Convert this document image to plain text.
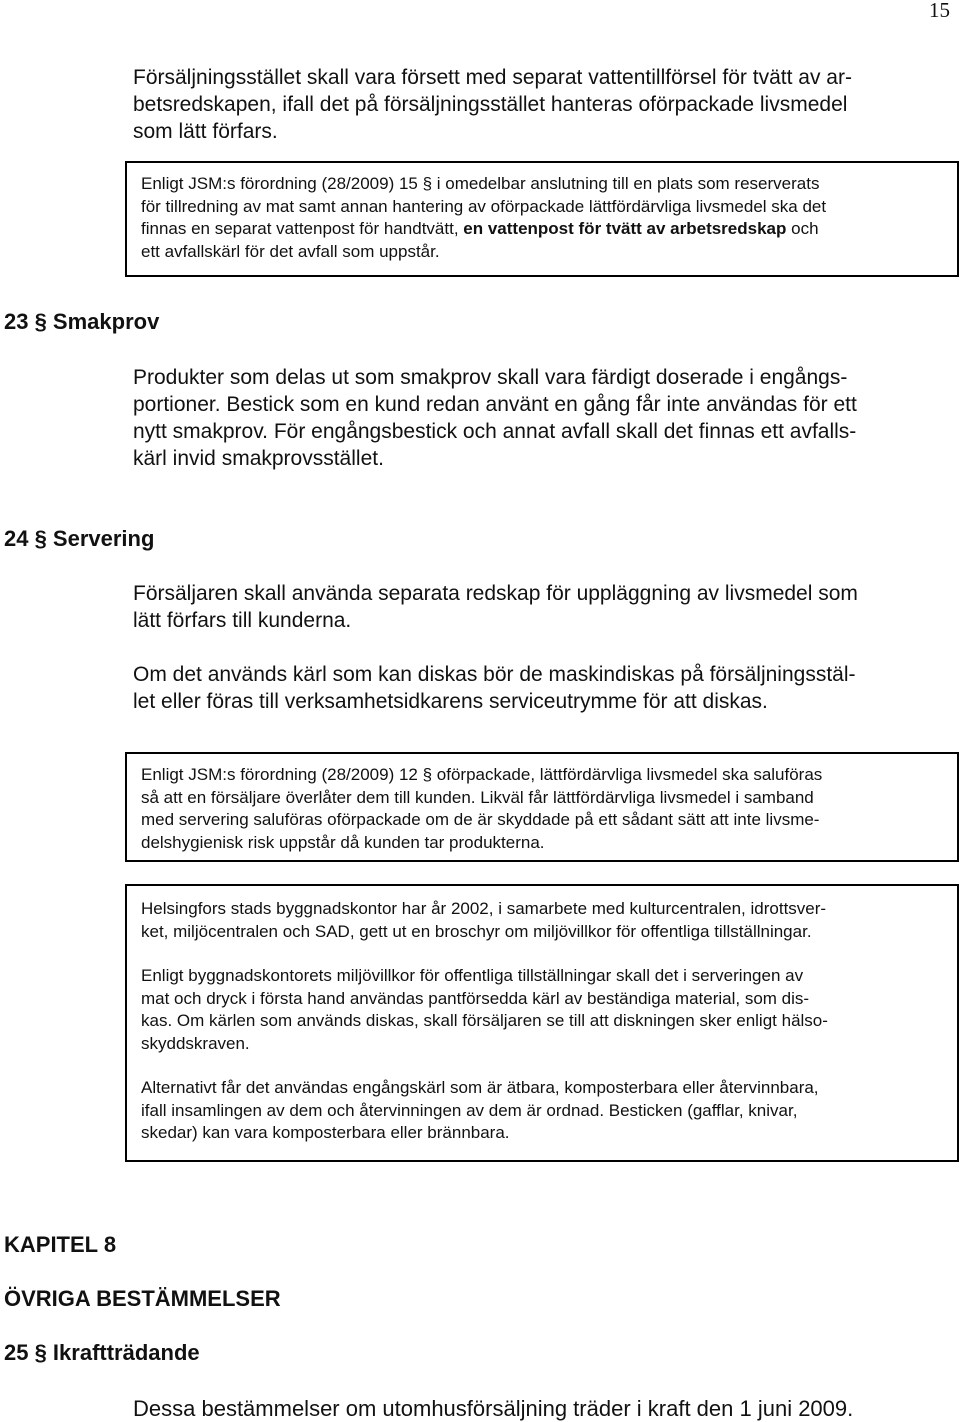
15
Försäljningsstället skall vara försett med separat vattentillförsel för tvätt av ar-
betsredskapen, ifall det på försäljningsstället hanteras oförpackade livsmedel
som lätt förfars.
Enligt JSM:s förordning (28/2009) 15 § i omedelbar anslutning till en plats som reserverats
för tillredning av mat samt annan hantering av oförpackade lättfördärvliga livsmedel ska det
finnas en separat vattenpost för handtvätt, en vattenpost för tvätt av arbetsredskap och
ett avfallskärl för det avfall som uppstår.
23 § Smakprov
Produkter som delas ut som smakprov skall vara färdigt doserade i engångs-
portioner. Bestick som en kund redan använt en gång får inte användas för ett
nytt smakprov. För engångsbestick och annat avfall skall det finnas ett avfalls-
kärl invid smakprovsstället.
24 § Servering
Försäljaren skall använda separata redskap för uppläggning av livsmedel som
lätt förfars till kunderna.
Om det används kärl som kan diskas bör de maskindiskas på försäljningsstäl-
let eller föras till verksamhetsidkarens serviceutrymme för att diskas.
Enligt JSM:s förordning (28/2009) 12 § oförpackade, lättfördärvliga livsmedel ska saluföras
så att en försäljare överlåter dem till kunden. Likväl får lättfördärvliga livsmedel i samband
med servering saluföras oförpackade om de är skyddade på ett sådant sätt att inte livsme-
delshygienisk risk uppstår då kunden tar produkterna.
Helsingfors stads byggnadskontor har år 2002, i samarbete med kulturcentralen, idrottsver-
ket, miljöcentralen och SAD, gett ut en broschyr om miljövillkor för offentliga tillställningar.
Enligt byggnadskontorets miljövillkor för offentliga tillställningar skall det i serveringen av
mat och dryck i första hand användas pantförsedda kärl av beständiga material, som dis-
kas. Om kärlen som används diskas, skall försäljaren se till att diskningen sker enligt hälso-
skyddskraven.
Alternativt får det användas engångskärl som är ätbara, komposterbara eller återvinnbara,
ifall insamlingen av dem och återvinningen av dem är ordnad. Besticken (gafflar, knivar,
skedar) kan vara komposterbara eller brännbara.
KAPITEL 8
ÖVRIGA BESTÄMMELSER
25 § Ikraftträdande
Dessa bestämmelser om utomhusförsäljning träder i kraft den 1 juni 2009.
